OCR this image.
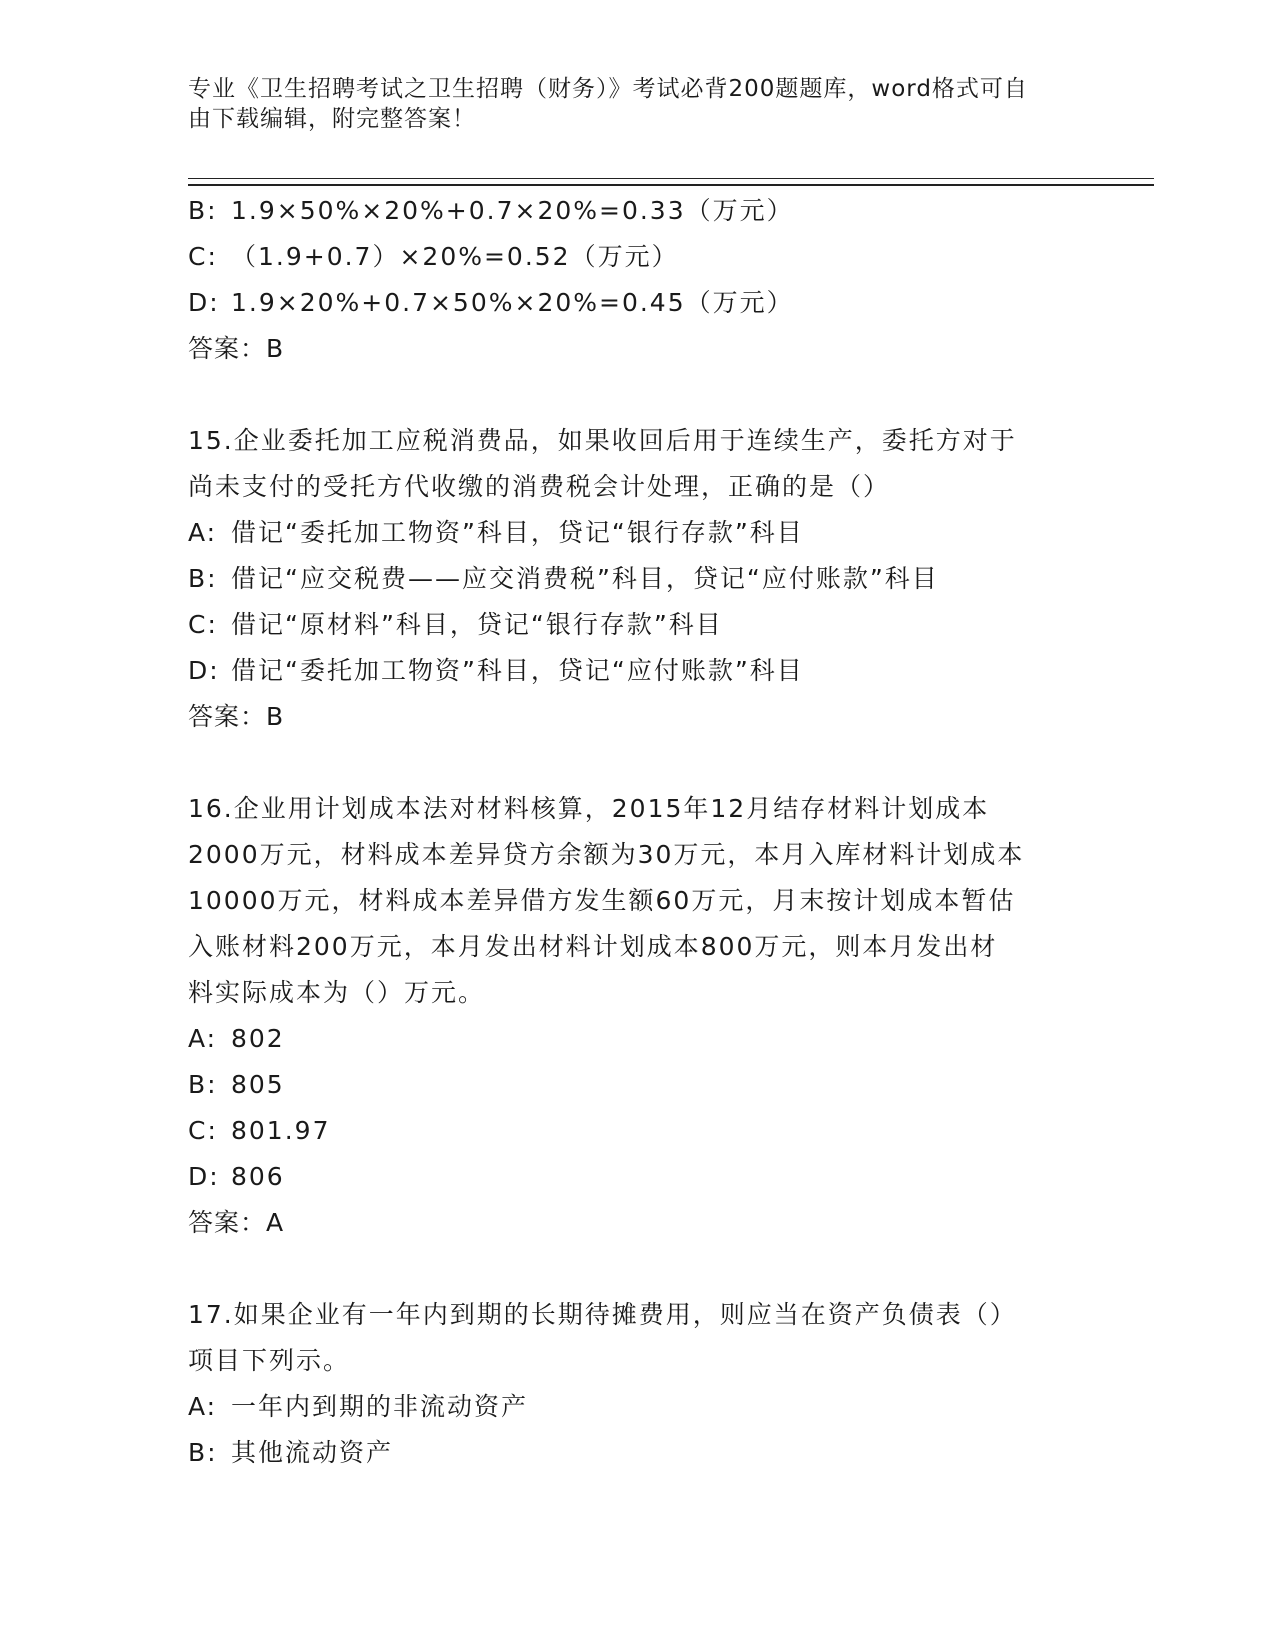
专业《卫生招聘考试之卫生招聘（财务）》考试必背200题题库，word格式可自
由下载编辑，附完整答案！
B: 1.9×50%×20%+0.7×20%=0.33（万元）
C: （1.9+0.7）×20%=0.52（万元）
D: 1.9×20%+0.7×50%×20%=0.45（万元）
答案：B
15.企业委托加工应税消费品，如果收回后用于连续生产，委托方对于
尚未支付的受托方代收缴的消费税会计处理，正确的是（）
A: 借记“委托加工物资”科目，贷记“银行存款”科目
B: 借记“应交税费——应交消费税”科目，贷记“应付账款”科目
C: 借记“原材料”科目，贷记“银行存款”科目
D: 借记“委托加工物资”科目，贷记“应付账款”科目
答案：B
16.企业用计划成本法对材料核算，2015年12月结存材料计划成本
2000万元，材料成本差异贷方余额为30万元，本月入库材料计划成本
10000万元，材料成本差异借方发生额60万元，月末按计划成本暂估
入账材料200万元，本月发出材料计划成本800万元，则本月发出材
料实际成本为（）万元。
A: 802
B: 805
C: 801.97
D: 806
答案：A
17.如果企业有一年内到期的长期待摊费用，则应当在资产负债表（）
项目下列示。
A: 一年内到期的非流动资产
B: 其他流动资产
